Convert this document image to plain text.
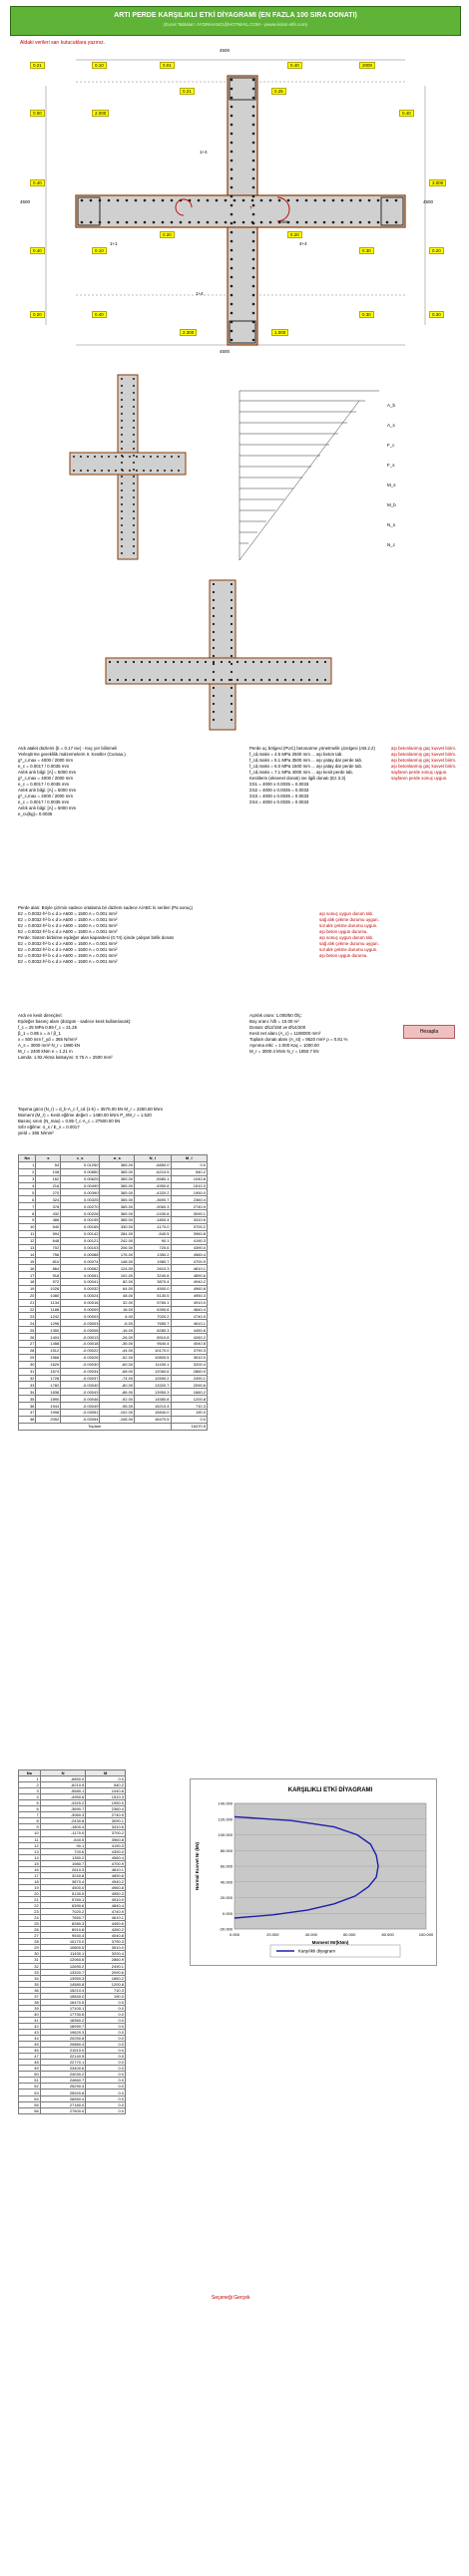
ARTI PERDE KARŞILIKLI ETKİ DİYAGRAMI (EN FAZLA 100 SIRA DONATI)
(Excel Tabloları: AYDINHANCI@HOTMAIL.COM - ywww.kolon-sifir.com)
Aldaki verileri sarı kutucuklara yazınız.
4500
4500	4500
4500
1+1	4+4
1+4
1+4
Mvs
T
0.21	0.10	0.01	0.40	2000
0.00	2.000	0.40
0.21	0.25
0.40	3.000
0.40	0.10
0.20	0.20
0.30	0.20
0.20	0.40
2.300	1.000
0.30	0.30
A_b
A_s
F_c
F_s
M_s
M_b
N_s
N_c
Ardı atalet düzlemi (b = 0.17 ise) - Kaç yer bilinmeli
Yerleştirme gereklilik malzemelerin II. Kesitler (Cumaa.).
g*_c,max = 4000 / 2000 mm
e_c = 0.0017 / 0.0035 mm
Anlık anlı bilgi: [A] = 5000 mm
g*_c,max = 4000 / 2000 mm
e_c = 0.0017 / 0.0035 mm
Anlık anlı bilgi: [A] = 5000 mm
g*_c,max = 4000 / 2000 mm
e_c = 0.0017 / 0.0035 mm
Anlık anlı bilgi: [A] = 5000 mm
e_cu(kg)= 0.0035
Perde uç bölgesi (PUC) betonarme yönetmelik çizelgesi (AB.2.2)
f_cd,maks = 4.5 MPa 2500 mm ... aşı beton tab.
f_cd,maks = 5.1 MPa 3500 mm ... aşı yatay dar perde tab.
f_cd,maks = 6.0 MPa 1500 mm ... aşı yatay dar perde tab.
f_cd,maks = 7.1 MPa 4000 mm ... aşı kesit perde tab.
Kesitlerin (eksenel donatı) ise ilgili donatı (Ez.3.3)
ΣS1 = 4000 x 0.0035 = 0.0033
ΣS2 = 4000 x 0.0035 = 0.0033
ΣS3 = 4000 x 0.0035 = 0.0033
ΣS4 = 4000 x 0.0035 = 0.0033
aşı betonlanmış güç kuvvet birim.
aşı betonlanmış güç kuvvet birim.
aşı betonlanmış güç kuvvet birim.
aşı betonlanmış güç kuvvet birim.
sayfanın perde sonuç uygun.
sayfanın perde sonuç uygun.
Perde alan: Böyle çizimin sadece ortalama bir düzlem sadece A/ABC ki serileri (Pa sonuç)
Ez = 0.0032·h²·b ≤ d ≥ A600 = 1500 A = 0.001 mm²
Ez = 0.0032·h²·b ≤ d ≥ A600 = 1500 A = 0.001 mm²
Ez = 0.0032·h²·b ≤ d ≥ A600 = 1500 A = 0.001 mm²
Ez = 0.0032·h²·b ≤ d ≥ A600 = 1500 A = 0.001 mm²
Perde: Sistem birbirine eşdeğer alan kapasitesi (0.74) içinde çalışan birlik donatı
Ez = 0.0032·h²·b ≤ d ≥ A600 = 1500 A = 0.001 mm²
Ez = 0.0032·h²·b ≤ d ≥ A600 = 1500 A = 0.001 mm²
Ez = 0.0032·h²·b ≤ d ≥ A600 = 1500 A = 0.001 mm²
Ez = 0.0032·h²·b ≤ d ≥ A600 = 1500 A = 0.001 mm²
aşı sonuç uygun durum tab.
sağ alık çekme durumu uygun.
sol alık çekme durumu uygun.
aşı beton uygun durumu.
aşı sonuç uygun durum tab.
sağ alık çekme durumu uygun.
sol alık çekme durumu uygun.
aşı beton uygun durumu.
Ardı en kesit dirençleri:
Eşdeğer basınç alanı (düzgün - sadece kesit kullanılacak):
f_c = 25 MPa 0.85·f_c = 21.25
β_1 = 0.85 x = a / β_1
x = 500 mm f_yd = 365 N/mm²
A_s = 3000 mm² N_r = 1980 kN
M_r = 2400 kNm e = 1.21 m
Lamda: 1.92 Akma katsayısı: 0.75 A = 2500 mm²
Açıklık oranı: 1.000/50 Ölç:
Boy oranı: h/b = 10.00 m²
Donatı: Ø12/150 ve Ø14/200
Kesit net alanı (A_c) = 1180000 mm²
Toplam donatı alanı (A_st) = 9520 mm² ρ = 0.81 %
Aşınma etki: = 1.000 Kaç = 1000.00
M_r = 3000.4 kNm N_r = 1850.7 kN
Hesapla
Taşıma gücü (N_r) = d_b·A_c·f_cd·(1-k) = 3570.00 kN M_r = 2250.60 kNm
Moment (M_r) = Kesit eğilme değeri = 1480.00 kNm P_r/M_r = 1.520
Basınç sınırı (N_max) = 0.85·f_c·A_c = 27500.00 kN
Sıfır eğilme: σ_s / E_s = 0.0017
yield = 365 N/mm²
No	x	ε_s	σ_s	N_i	M_i
1	54	0.01250	365.00	-6850.0	0.0
2	108	0.00850	365.00	-6210.5	540.2
3	162	0.00625	365.00	-5580.1	1040.8
4	216	0.00490	365.00	-4950.6	1510.3
5	270	0.00390	365.00	-4320.2	1950.0
6	324	0.00325	365.00	-3690.7	2360.4
7	378	0.00270	365.00	-3060.3	2740.9
8	432	0.00228	365.00	-2430.8	3090.1
9	486	0.00195	365.00	-1800.4	3410.6
10	540	0.00165	330.00	-1170.0	3700.2
11	594	0.00142	284.00	-540.5	3960.8
12	648	0.00121	242.00	90.1	4190.3
13	702	0.00103	206.00	720.6	4390.0
14	756	0.00088	176.00	1350.2	4560.4
15	810	0.00074	148.00	1980.7	4700.9
16	864	0.00062	124.00	2610.3	4810.1
17	918	0.00051	102.00	3240.8	4890.6
18	972	0.00041	82.00	3870.4	4940.2
19	1026	0.00032	64.00	4500.0	4960.8
20	1080	0.00024	48.00	5130.5	4950.3
21	1134	0.00016	32.00	5760.1	4910.0
22	1188	0.00009	18.00	6390.6	4840.4
23	1242	0.00003	6.00	7020.2	4740.9
24	1296	-0.00003	-6.00	7650.7	4610.1
25	1350	-0.00008	-16.00	8280.3	4450.6
26	1404	-0.00013	-26.00	8910.8	4260.2
27	1458	-0.00018	-36.00	9540.4	4040.8
28	1512	-0.00022	-44.00	10170.0	3790.3
29	1566	-0.00026	-52.00	10800.5	3510.0
30	1620	-0.00030	-60.00	11430.1	3200.4
31	1674	-0.00034	-68.00	12060.6	2860.9
32	1728	-0.00037	-74.00	12690.2	2490.1
33	1782	-0.00040	-80.00	13320.7	2090.6
34	1836	-0.00043	-86.00	13950.3	1660.2
35	1890	-0.00046	-92.00	14580.8	1200.8
36	1944	-0.00049	-98.00	15210.4	710.3
37	1998	-0.00051	-102.00	15840.0	190.0
38	2052	-0.00054	-108.00	16470.5	0.0
Toplam					16470.5
No	N	M
1	-6850.0	0.0
2	-6210.5	540.2
3	-5580.1	1040.8
4	-4950.6	1510.3
5	-4320.2	1950.0
6	-3690.7	2360.4
7	-3060.3	2740.9
8	-2430.8	3090.1
9	-1800.4	3410.6
10	-1170.0	3700.2
11	-540.5	3960.8
12	90.1	4190.3
13	720.6	4390.0
14	1350.2	4560.4
15	1980.7	4700.9
16	2610.3	4810.1
17	3240.8	4890.6
18	3870.4	4940.2
19	4500.0	4960.8
20	5130.5	4950.3
21	5760.1	4910.0
22	6390.6	4840.4
23	7020.2	4740.9
24	7650.7	4610.1
25	8280.3	4450.6
26	8910.8	4260.2
27	9540.4	4040.8
28	10170.0	3790.3
29	10800.5	3510.0
30	11430.1	3200.4
31	12060.6	2860.9
32	12690.2	2490.1
33	13320.7	2090.6
34	13950.3	1660.2
35	14580.8	1200.8
36	15210.4	710.3
37	15840.0	190.0
38	16470.5	0.0
39	17100.1	0.0
40	17730.6	0.0
41	18360.2	0.0
42	18990.7	0.0
43	19620.3	0.0
44	20250.8	0.0
45	20880.4	0.0
46	21510.0	0.0
47	22140.5	0.0
48	22770.1	0.0
49	23400.6	0.0
50	24030.2	0.0
51	24660.7	0.0
52	25290.3	0.0
53	25920.8	0.0
54	26550.4	0.0
55	27180.0	0.0
56	27500.0	0.0
KARŞILIKLI ETKİ DİYAGRAMI
-20.000
0.000
20.000
40.000
60.000
80.000
100.000
120.000
140.000
0.000	20.000	40.000	60.000	80.000	100.000
Moment Mr(kNm)
Normal Kuvvet Nr (kN)
Karşılıklı diyagram
Seçeneği Gerçek
